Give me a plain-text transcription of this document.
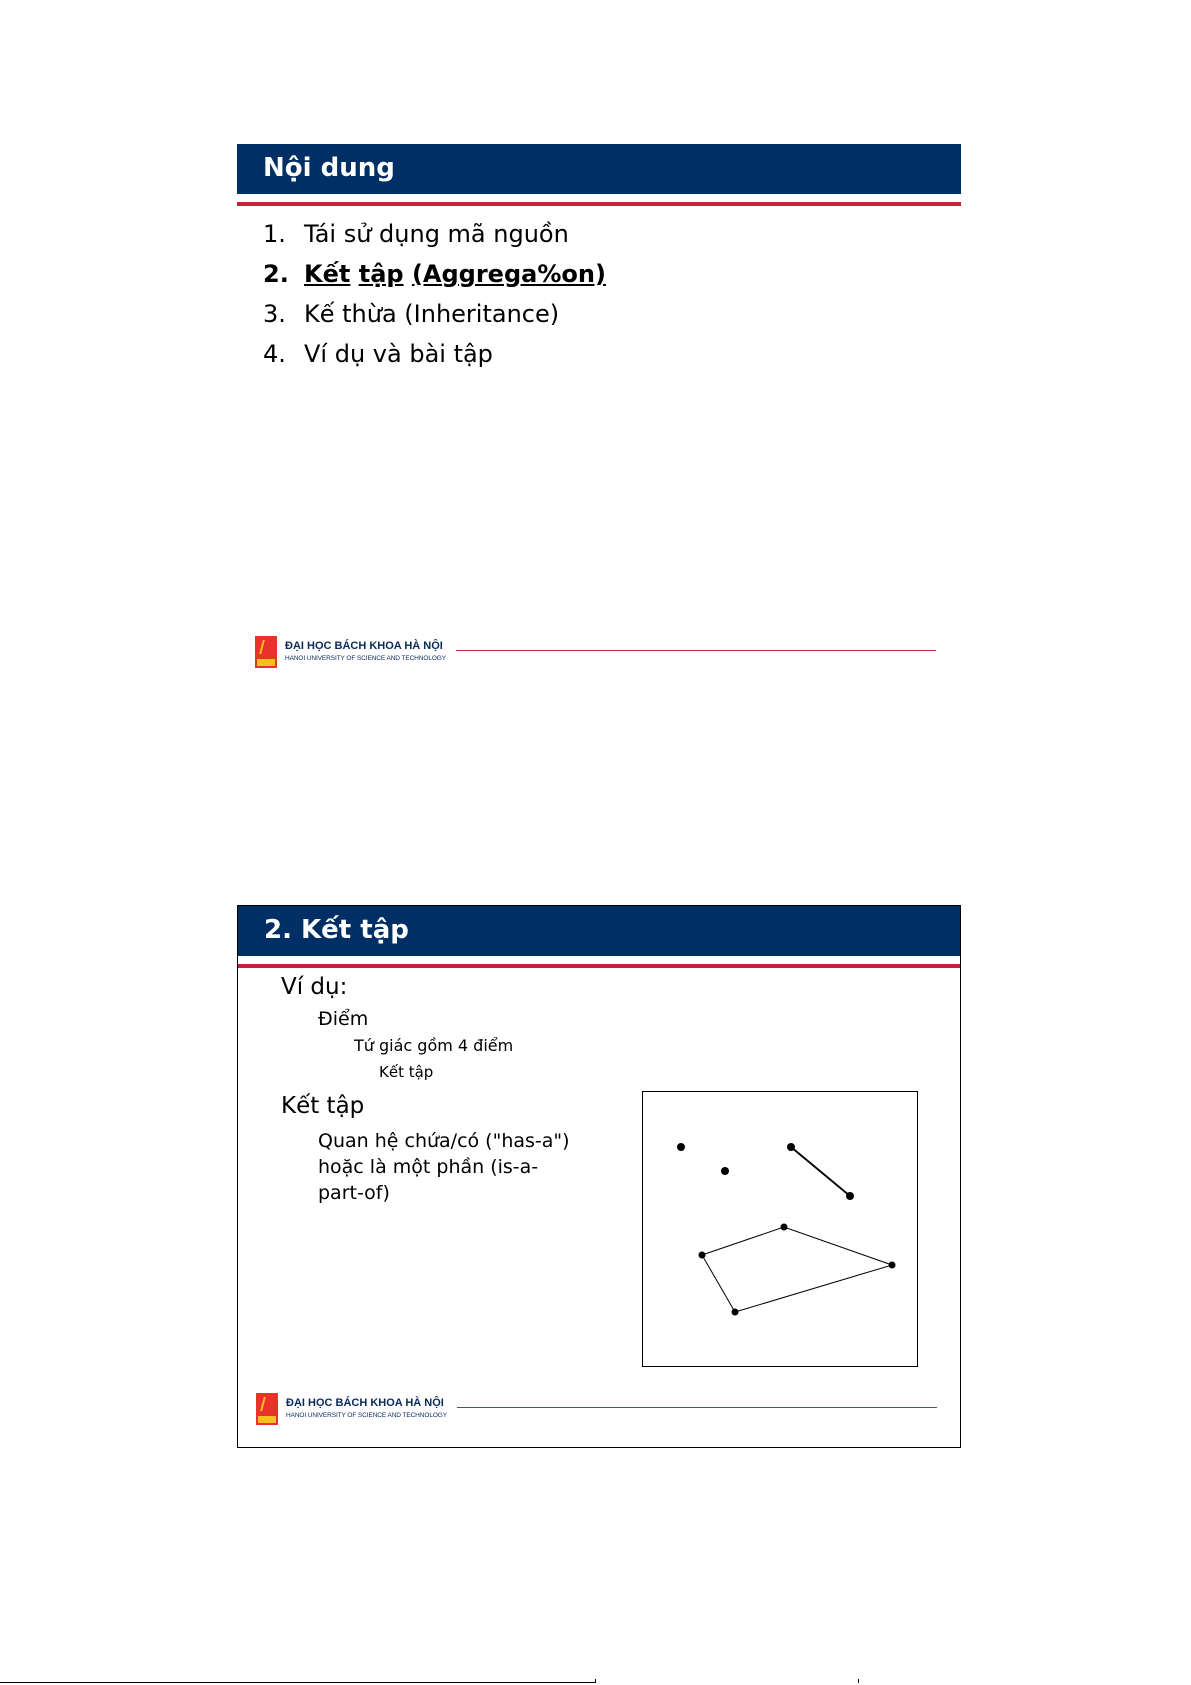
Nội dung
1. Tái sử dụng mã nguồn
2. Kết tập (Aggrega%on)
3. Kế thừa (Inheritance)
4. Ví dụ và bài tập
ĐẠI HỌC BÁCH KHOA HÀ NỘI
HANOI UNIVERSITY OF SCIENCE AND TECHNOLOGY
2. Kết tập
Ví dụ:
Điểm
Tứ giác gồm 4 điểm
Kết tập
Kết tập
Quan hệ chứa/có ("has-a")
hoặc là một phần (is-a-
part-of)
ĐẠI HỌC BÁCH KHOA HÀ NỘI
HANOI UNIVERSITY OF SCIENCE AND TECHNOLOGY
